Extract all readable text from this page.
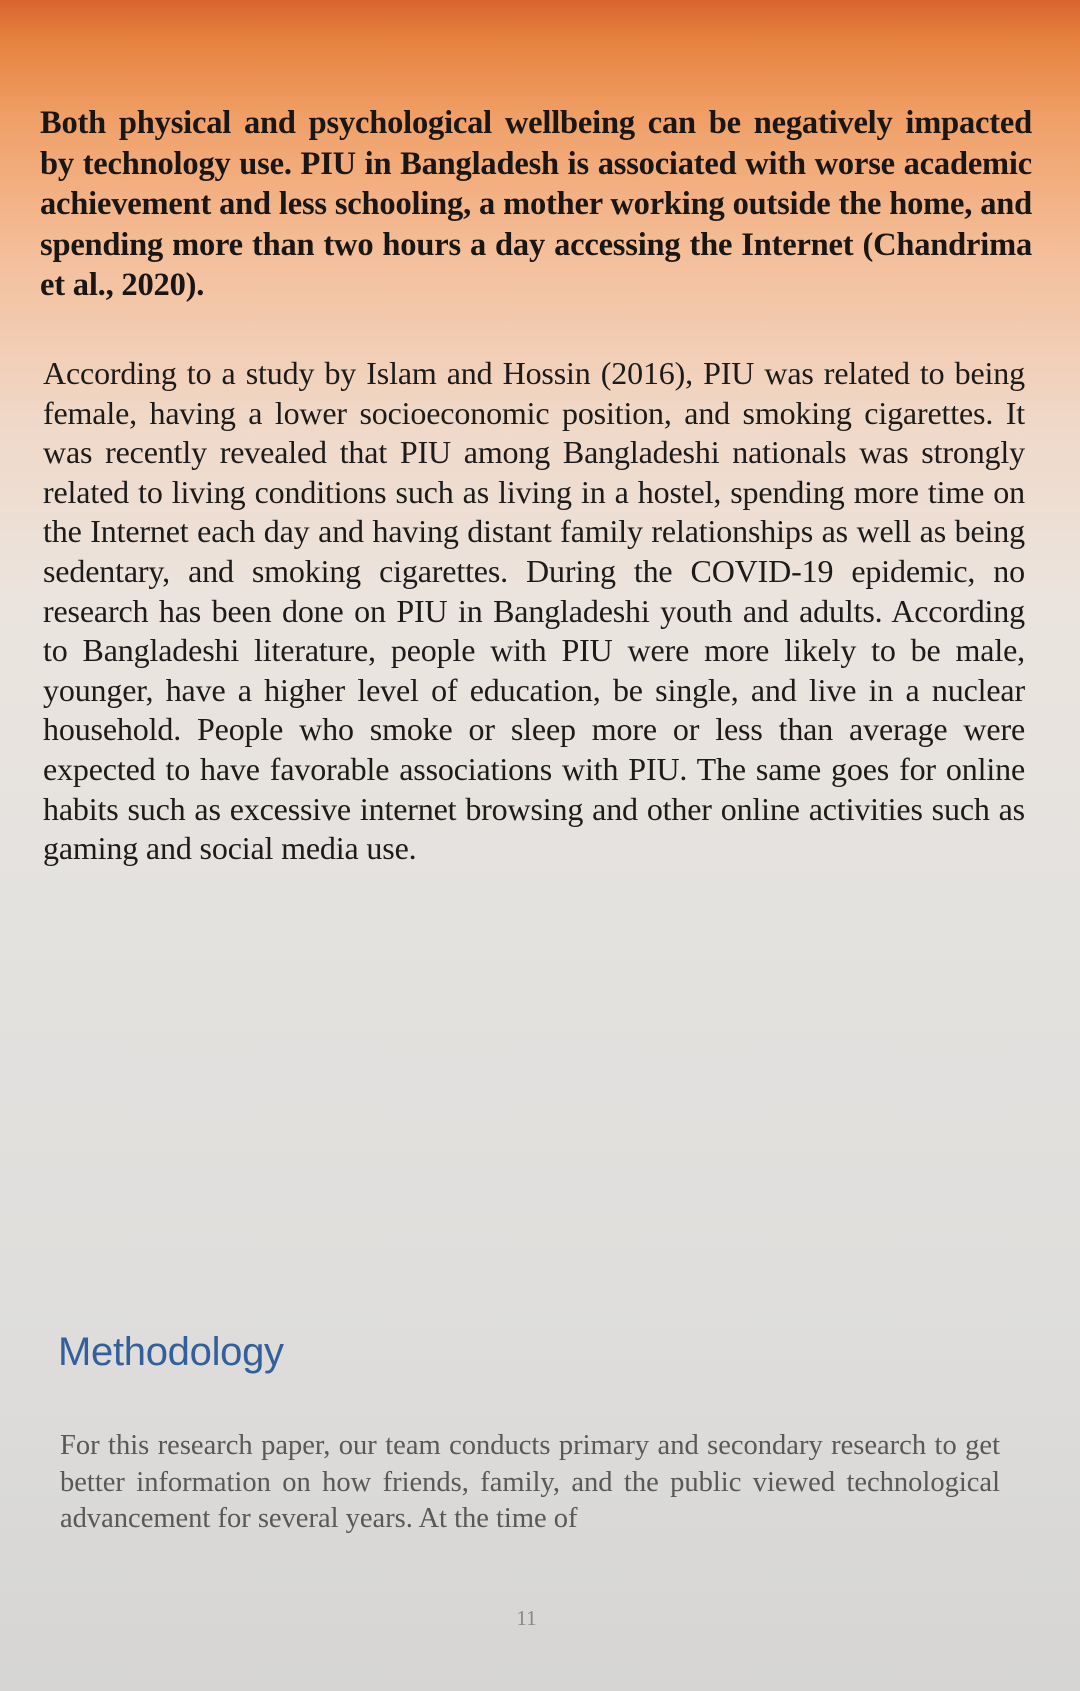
Both physical and psychological wellbeing can be negatively impacted by technology use. PIU in Bangladesh is associated with worse academic achievement and less schooling, a mother working outside the home, and spending more than two hours a day accessing the Internet (Chandrima et al., 2020).

According to a study by Islam and Hossin (2016), PIU was related to being female, having a lower socioeconomic position, and smoking cigarettes. It was recently revealed that PIU among Bangladeshi nationals was strongly related to living conditions such as living in a hostel, spending more time on the Internet each day and having distant family relationships as well as being sedentary, and smoking cigarettes. During the COVID-19 epidemic, no research has been done on PIU in Bangladeshi youth and adults. According to Bangladeshi literature, people with PIU were more likely to be male, younger, have a higher level of education, be single, and live in a nuclear household. People who smoke or sleep more or less than average were expected to have favorable associations with PIU. The same goes for online habits such as excessive internet browsing and other online activities such as gaming and social media use.

Methodology

For this research paper, our team conducts primary and secondary research to get better information on how friends, family, and the public viewed technological advancement for several years. At the time of

11
